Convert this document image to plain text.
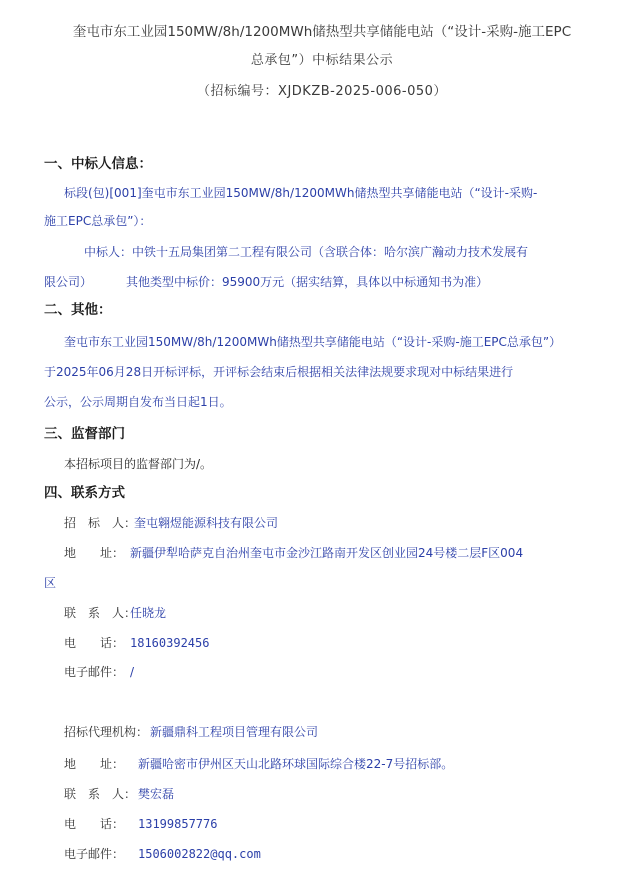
奎屯市东工业园150MW/8h/1200MWh储热型共享储能电站（“设计-采购-施工EPC
总承包”）中标结果公示
（招标编号：XJDKZB-2025-006-050）
一、中标人信息：
标段(包)[001]奎屯市东工业园150MW/8h/1200MWh储热型共享储能电站（“设计-采购-
施工EPC总承包”）：
中标人：中铁十五局集团第二工程有限公司（含联合体：哈尔滨广瀚动力技术发展有
限公司）	其他类型中标价：95900万元（据实结算，具体以中标通知书为准）
二、其他：
奎屯市东工业园150MW/8h/1200MWh储热型共享储能电站（“设计-采购-施工EPC总承包”）
于2025年06月28日开标评标，开评标会结束后根据相关法律法规要求现对中标结果进行
公示，公示周期自发布当日起1日。
三、监督部门
本招标项目的监督部门为/。
四、联系方式
招　标　人：
奎屯翱煜能源科技有限公司
地　　址： 新疆伊犁哈萨克自治州奎屯市金沙江路南开发区创业园24号楼二层F区004
区
联　系　人：
任晓龙
电　　话： 18160392456
电子邮件： /
招标代理机构： 新疆鼎科工程项目管理有限公司
地　　址： 新疆哈密市伊州区天山北路环球国际综合楼22-7号招标部。
联　系　人： 樊宏磊
电　　话： 13199857776
电子邮件： 1506002822@qq.com
